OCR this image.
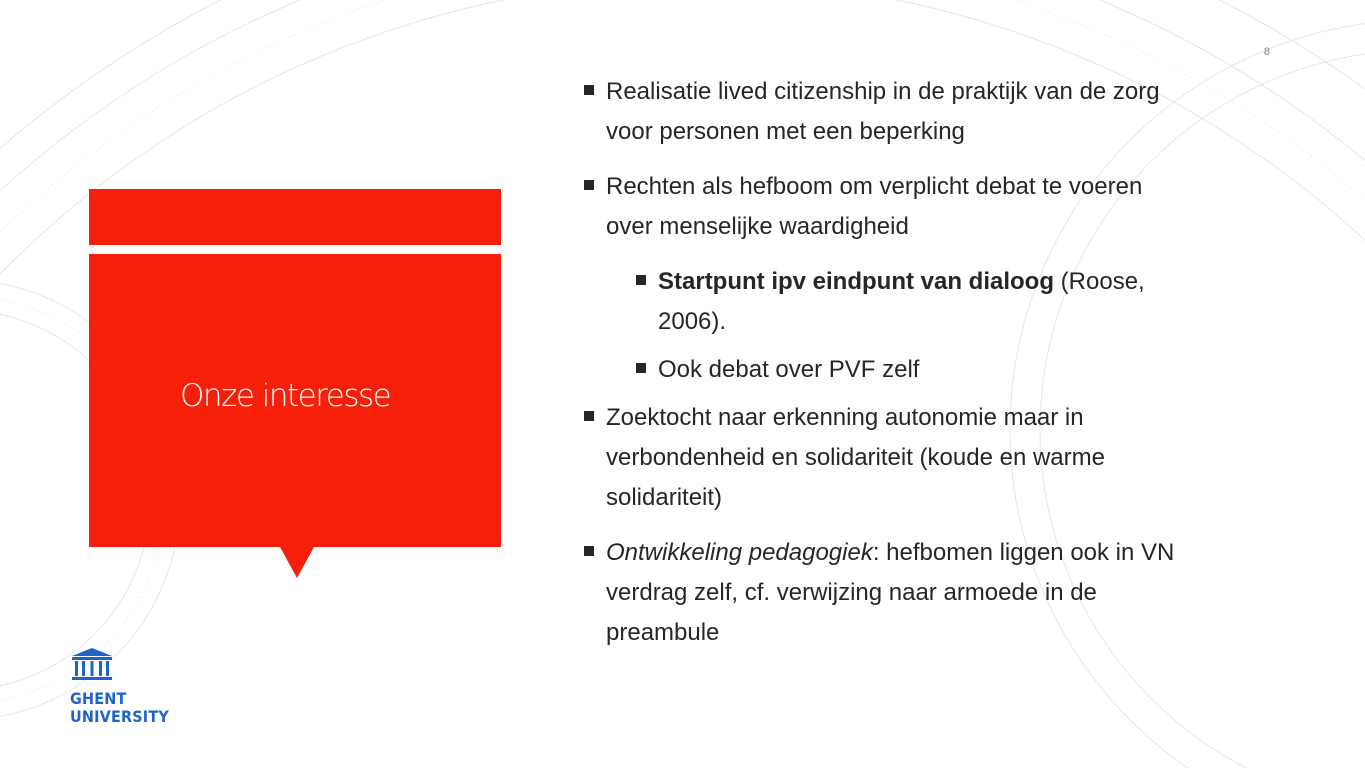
8
Onze interesse
GHENT
UNIVERSITY
Realisatie lived citizenship in de praktijk van de zorg
voor personen met een beperking
Rechten als hefboom om verplicht debat te voeren
over menselijke waardigheid
Startpunt ipv eindpunt van dialoog (Roose,
2006).
Ook debat over PVF zelf
Zoektocht naar erkenning autonomie maar in
verbondenheid en solidariteit (koude en warme
solidariteit)
Ontwikkeling pedagogiek: hefbomen liggen ook in VN
verdrag zelf, cf. verwijzing naar armoede in de
preambule
